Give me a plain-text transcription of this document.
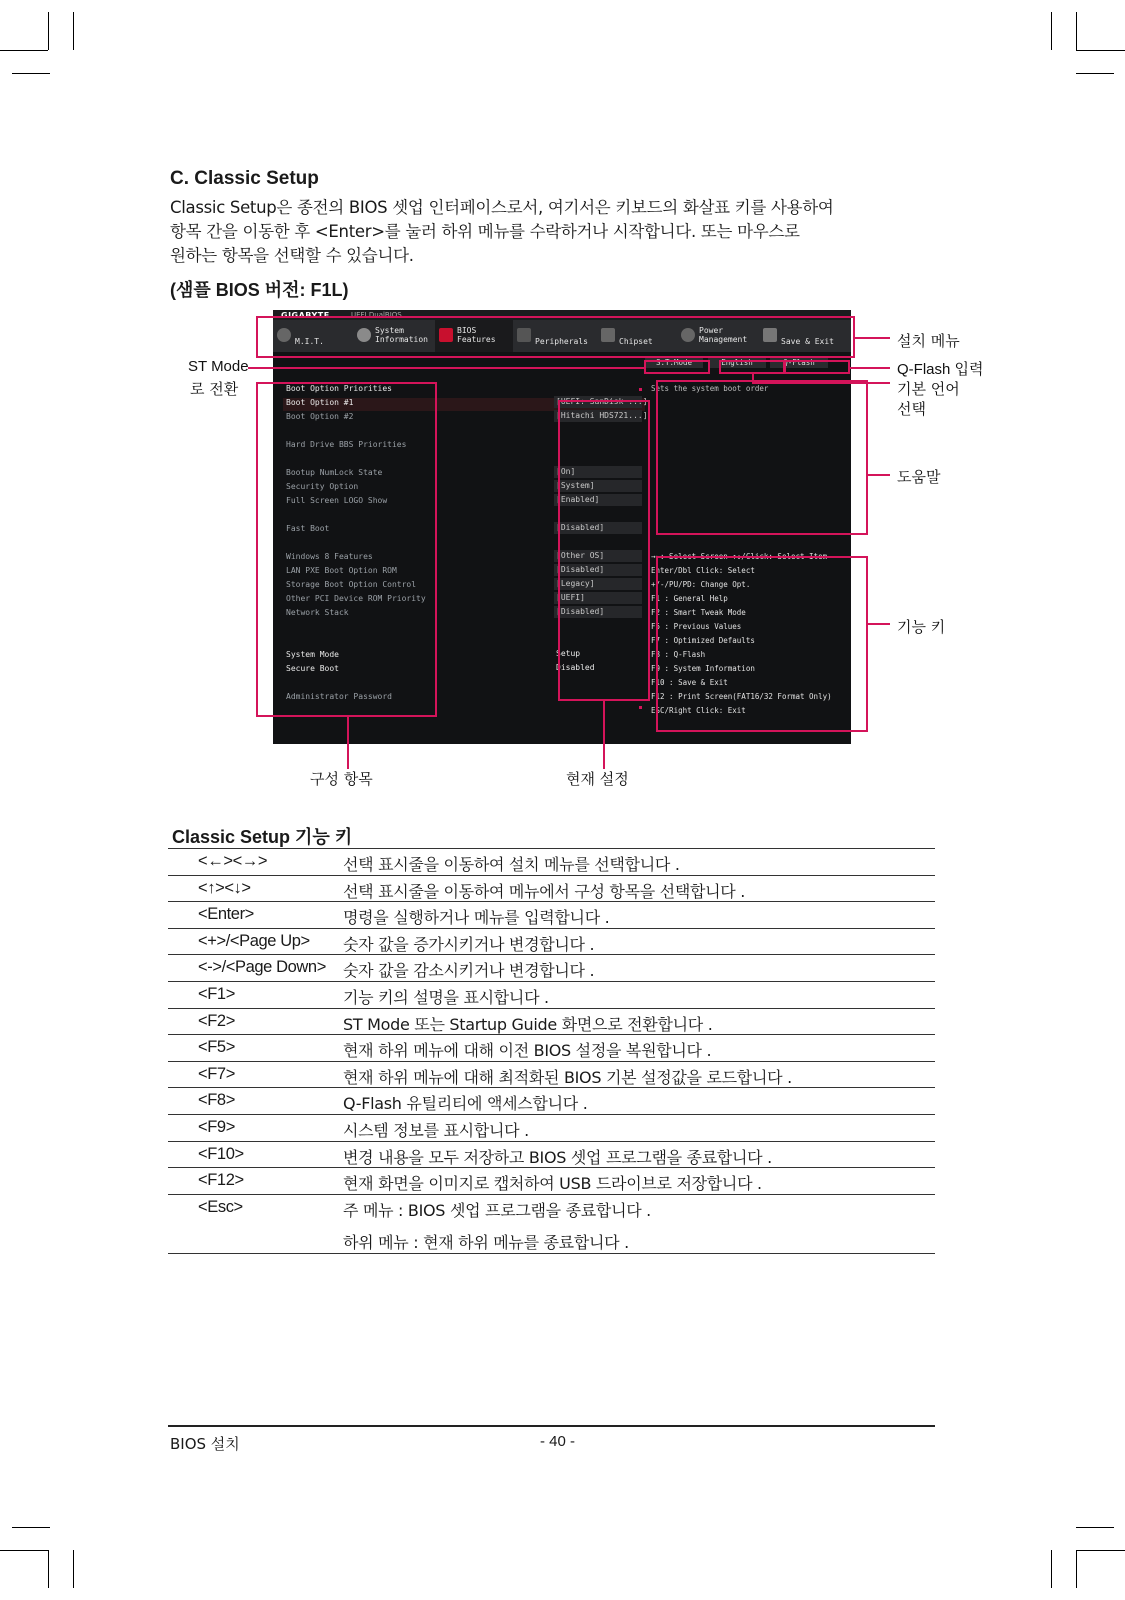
C. Classic Setup
Classic Setup은 종전의 BIOS 셋업 인터페이스로서, 여기서은 키보드의 화살표 키를 사용하여
항목 간을 이동한 후 <Enter>를 눌러 하위 메뉴를 수락하거나 시작합니다. 또는 마우스로
원하는 항목을 선택할 수 있습니다.
(샘플 BIOS 버전: F1L)
GIGABYTE	UEFI DualBIOS
M.I.T.
System
Information
BIOS
Features	Peripherals	Chipset
Power
Management	Save & Exit
S.T.Mode	English	Q-Flash
Boot Option Priorities
Boot Option #1	[UEFI: SanDisk ...]
Boot Option #2	[Hitachi HDS721...]
Hard Drive BBS Priorities
Bootup NumLock State	[On]
Security Option	[System]
Full Screen LOGO Show	[Enabled]
Fast Boot	[Disabled]
Windows 8 Features	[Other OS]
LAN PXE Boot Option ROM	[Disabled]
Storage Boot Option Control	[Legacy]
Other PCI Device ROM Priority	[UEFI]
Network Stack	[Disabled]
System Mode	Setup
Secure Boot	Disabled
Administrator Password
Sets the system boot order
→←: Select Screen ↑↓/Click: Select Item
Enter/Dbl Click: Select
+/-/PU/PD: Change Opt.
F1 : General Help
F2 : Smart Tweak Mode
F5 : Previous Values
F7 : Optimized Defaults
F8 : Q-Flash
F9 : System Information
F10 : Save & Exit
F12 : Print Screen(FAT16/32 Format Only)
ESC/Right Click: Exit
설치 메뉴
Q-Flash 입력
기본 언어
선택
도움말
기능 키
ST Mode
로 전환
구성 항목	현재 설정
Classic Setup 기능 키
<←><→>	선택 표시줄을 이동하여 설치 메뉴를 선택합니다 .
<↑><↓>	선택 표시줄을 이동하여 메뉴에서 구성 항목을 선택합니다 .
<Enter>	명령을 실행하거나 메뉴를 입력합니다 .
<+>/<Page Up> 숫자 값을 증가시키거나 변경합니다 .
<->/<Page Down> 숫자 값을 감소시키거나 변경합니다 .
<F1>	기능 키의 설명을 표시합니다 .
<F2>	ST Mode 또는 Startup Guide 화면으로 전환합니다 .
<F5>	현재 하위 메뉴에 대해 이전 BIOS 설정을 복원합니다 .
<F7>	현재 하위 메뉴에 대해 최적화된 BIOS 기본 설정값을 로드합니다 .
<F8>	Q-Flash 유틸리티에 액세스합니다 .
<F9>	시스템 정보를 표시합니다 .
<F10>	변경 내용을 모두 저장하고 BIOS 셋업 프로그램을 종료합니다 .
<F12>	현재 화면을 이미지로 캡처하여 USB 드라이브로 저장합니다 .
<Esc>	주 메뉴 : BIOS 셋업 프로그램을 종료합니다 .
하위 메뉴 : 현재 하위 메뉴를 종료합니다 .
BIOS 설치	- 40 -
